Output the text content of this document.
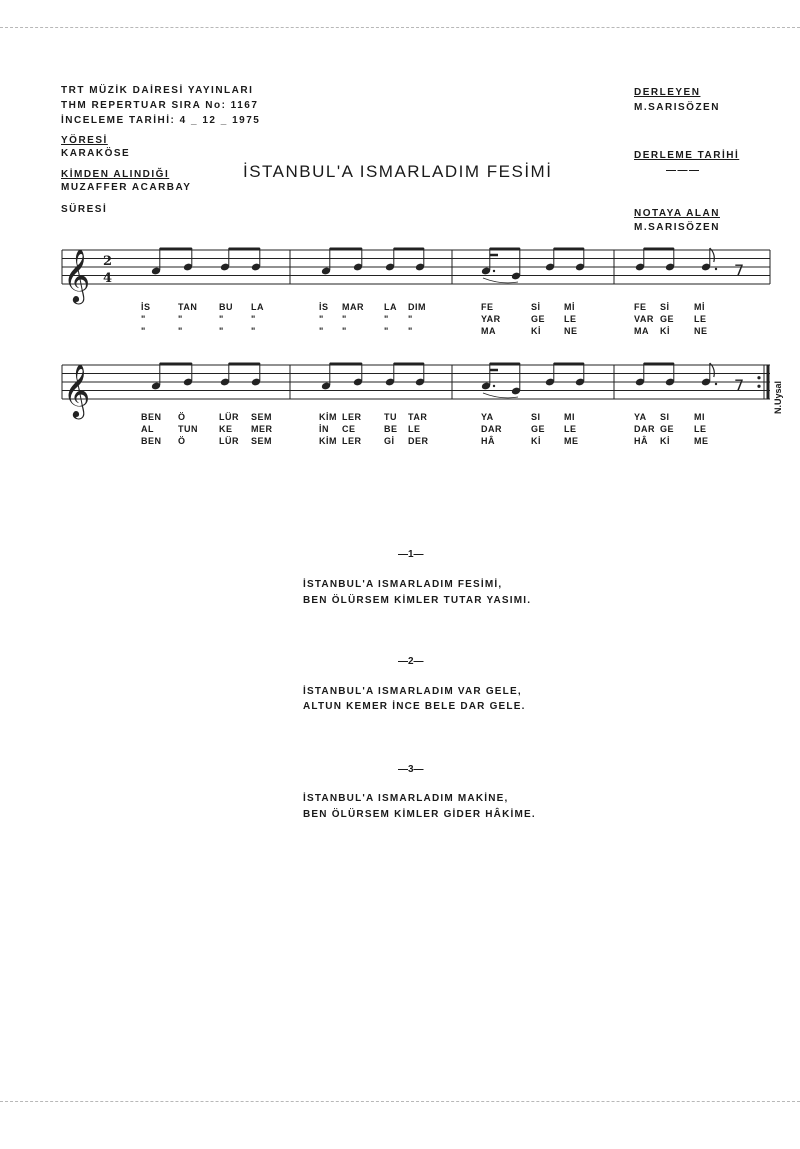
TRT MÜZİK DAİRESİ YAYINLARI
THM REPERTUAR SIRA No: 1167
İNCELEME TARİHİ: 4 _ 12 _ 1975
YÖRESİ
KARAKÖSE
KİMDEN ALINDIĞI
MUZAFFER ACARBAY
SÜRESİ
DERLEYEN
M.SARISÖZEN
DERLEME TARİHİ
———
NOTAYA ALAN
M.SARISÖZEN
İSTANBUL'A ISMARLADIM FESİMİ
𝄞 2
4	7
İS	TAN BU LA	İS MAR LA DIM	FE	Sİ	Mİ	FE Sİ	Mİ
"	"	"	"	" "	" "	YAR	GE LE	VAR GE LE
"	"	"	"	" "	" "	MA	Kİ	NE	MA Kİ	NE
𝄞	7
BEN Ö	LÜR SEM	KİM LER	TU TAR	YA	SI	MI	YA SI	MI
AL	TUN KE MER	İN CE	BE LE	DAR	GE LE	DAR GE LE
BEN Ö	LÜR SEM	KİM LER	Gİ DER	HÂ	Kİ	ME	HÂ Kİ	ME
N.Uysal
—1—
İSTANBUL'A ISMARLADIM FESİMİ,
BEN ÖLÜRSEM KİMLER TUTAR YASIMI.
—2—
İSTANBUL'A ISMARLADIM VAR GELE,
ALTUN KEMER İNCE BELE DAR GELE.
—3—
İSTANBUL'A ISMARLADIM MAKİNE,
BEN ÖLÜRSEM KİMLER GİDER HÂKİME.
